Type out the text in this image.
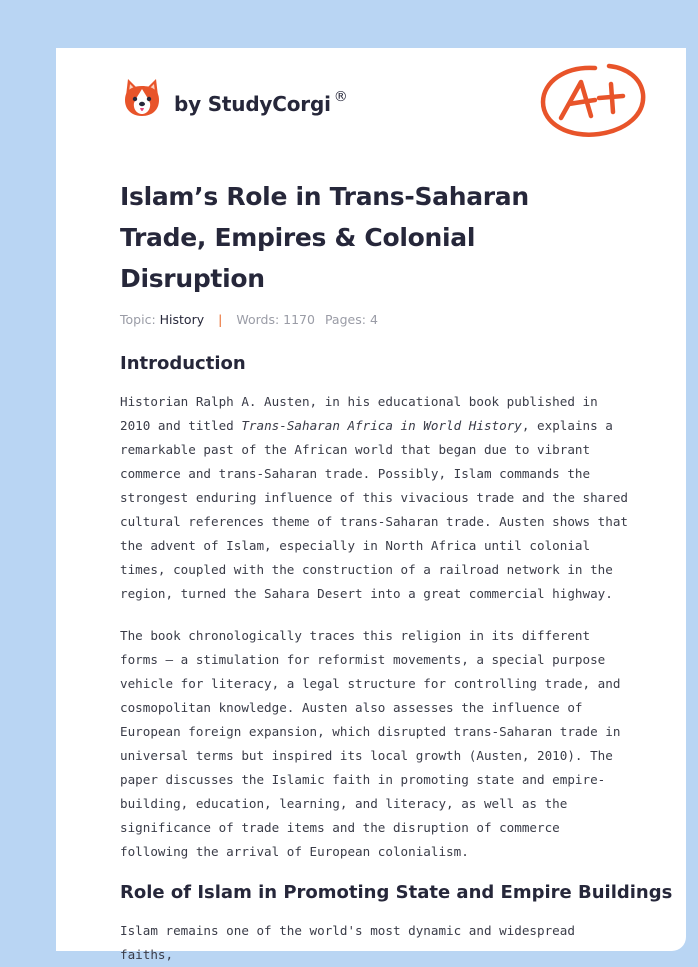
by StudyCorgi ®
Islam’s Role in Trans-Saharan Trade, Empires & Colonial Disruption
Topic: History | Words: 1170 Pages: 4
Introduction

Historian Ralph A. Austen, in his educational book published in 2010 and titled Trans-Saharan Africa in World History, explains a remarkable past of the African world that began due to vibrant commerce and trans-Saharan trade. Possibly, Islam commands the strongest enduring influence of this vivacious trade and the shared cultural references theme of trans-Saharan trade. Austen shows that the advent of Islam, especially in North Africa until colonial times, coupled with the construction of a railroad network in the region, turned the Sahara Desert into a great commercial highway.

The book chronologically traces this religion in its different forms – a stimulation for reformist movements, a special purpose vehicle for literacy, a legal structure for controlling trade, and cosmopolitan knowledge. Austen also assesses the influence of European foreign expansion, which disrupted trans-Saharan trade in universal terms but inspired its local growth (Austen, 2010). The paper discusses the Islamic faith in promoting state and empire-building, education, learning, and literacy, as well as the significance of trade items and the disruption of commerce following the arrival of European colonialism.

Role of Islam in Promoting State and Empire Buildings

Islam remains one of the world's most dynamic and widespread faiths,
